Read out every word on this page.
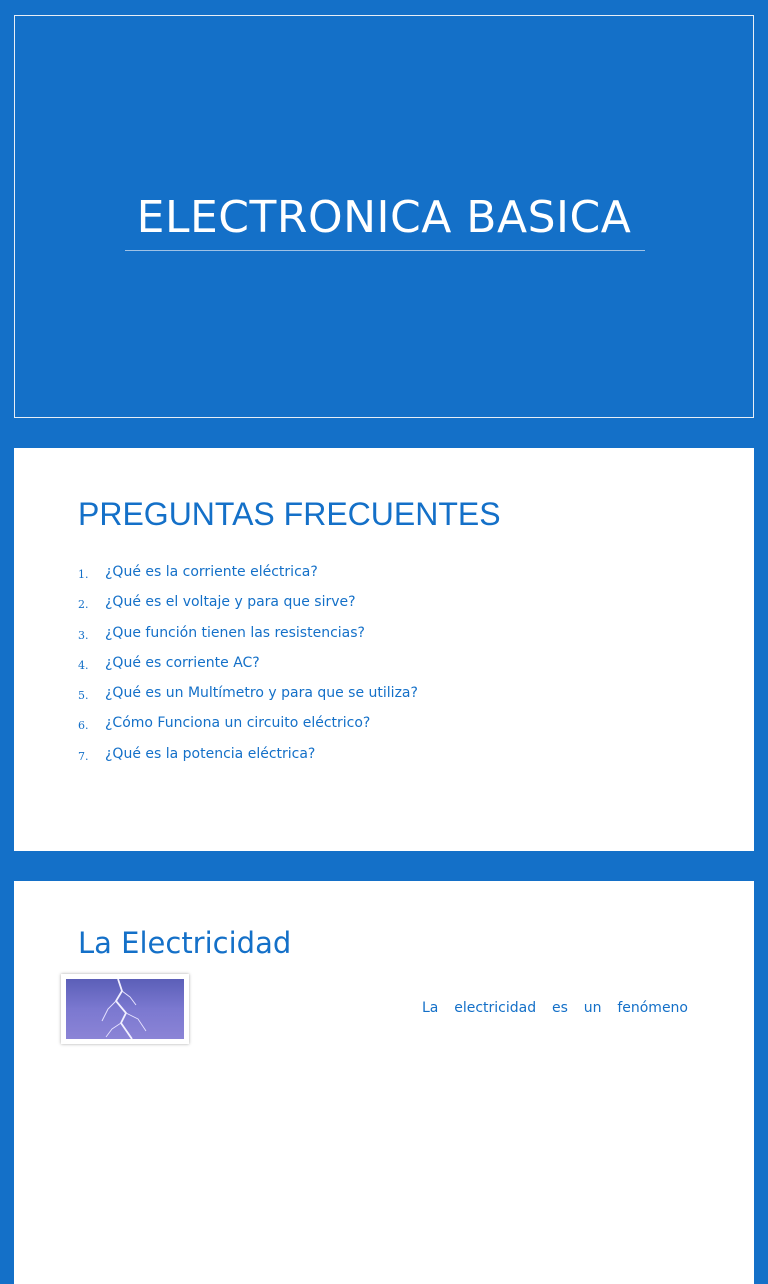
ELECTRONICA BASICA
PREGUNTAS FRECUENTES
1.	¿Qué es la corriente eléctrica?
2.	¿Qué es el voltaje y para que sirve?
3.	¿Que función tienen las resistencias?
4.	¿Qué es corriente AC?
5.	¿Qué es un Multímetro y para que se utiliza?
6.	¿Cómo Funciona un circuito eléctrico?
7.	¿Qué es la potencia eléctrica?
La Electricidad
La electricidad es un fenómeno
